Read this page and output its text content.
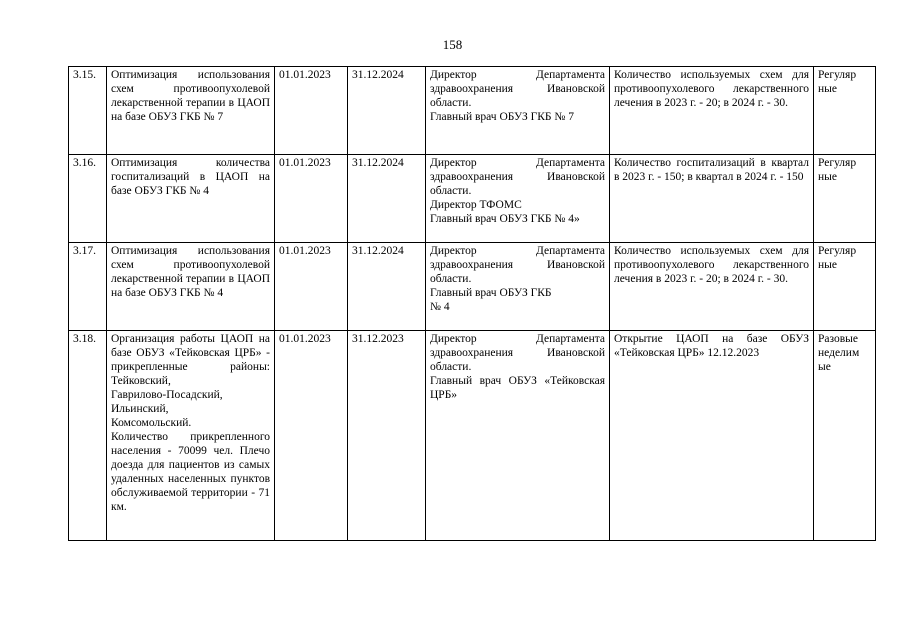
158
3.15.	Оптимизация использования схем противоопухолевой лекарственной терапии в ЦАОП на базе ОБУЗ ГКБ № 7	01.01.2023	31.12.2024	Директор Департамента здравоохранения Ивановской области.
Главный врач ОБУЗ ГКБ № 7	Количество используемых схем для противоопухолевого лекарственного лечения в 2023 г. - 20; в 2024 г. - 30.	Регуляр ные
3.16.	Оптимизация количества госпитализаций в ЦАОП на базе ОБУЗ ГКБ № 4	01.01.2023	31.12.2024	Директор Департамента здравоохранения Ивановской области.
Директор ТФОМС
Главный врач ОБУЗ ГКБ № 4»	Количество госпитализаций в квартал в 2023 г. - 150; в квартал в 2024 г. - 150	Регуляр ные
3.17.	Оптимизация использования схем противоопухолевой лекарственной терапии в ЦАОП на базе ОБУЗ ГКБ № 4	01.01.2023	31.12.2024	Директор Департамента здравоохранения Ивановской области.
Главный врач ОБУЗ ГКБ
№ 4	Количество используемых схем для противоопухолевого лекарственного лечения в 2023 г. - 20; в 2024 г. - 30.	Регуляр ные
3.18.	Организация работы ЦАОП на базе ОБУЗ «Тейковская ЦРБ» - прикрепленные районы: Тейковский,
Гаврилово-Посадский,
Ильинский,
Комсомольский.
Количество прикрепленного населения - 70099 чел. Плечо доезда для пациентов из самых удаленных населенных пунктов обслуживаемой территории - 71 км.	01.01.2023	31.12.2023	Директор Департамента здравоохранения Ивановской области.
Главный врач ОБУЗ «Тейковская ЦРБ»	Открытие ЦАОП на базе ОБУЗ «Тейковская ЦРБ» 12.12.2023	Разовые неделим ые
